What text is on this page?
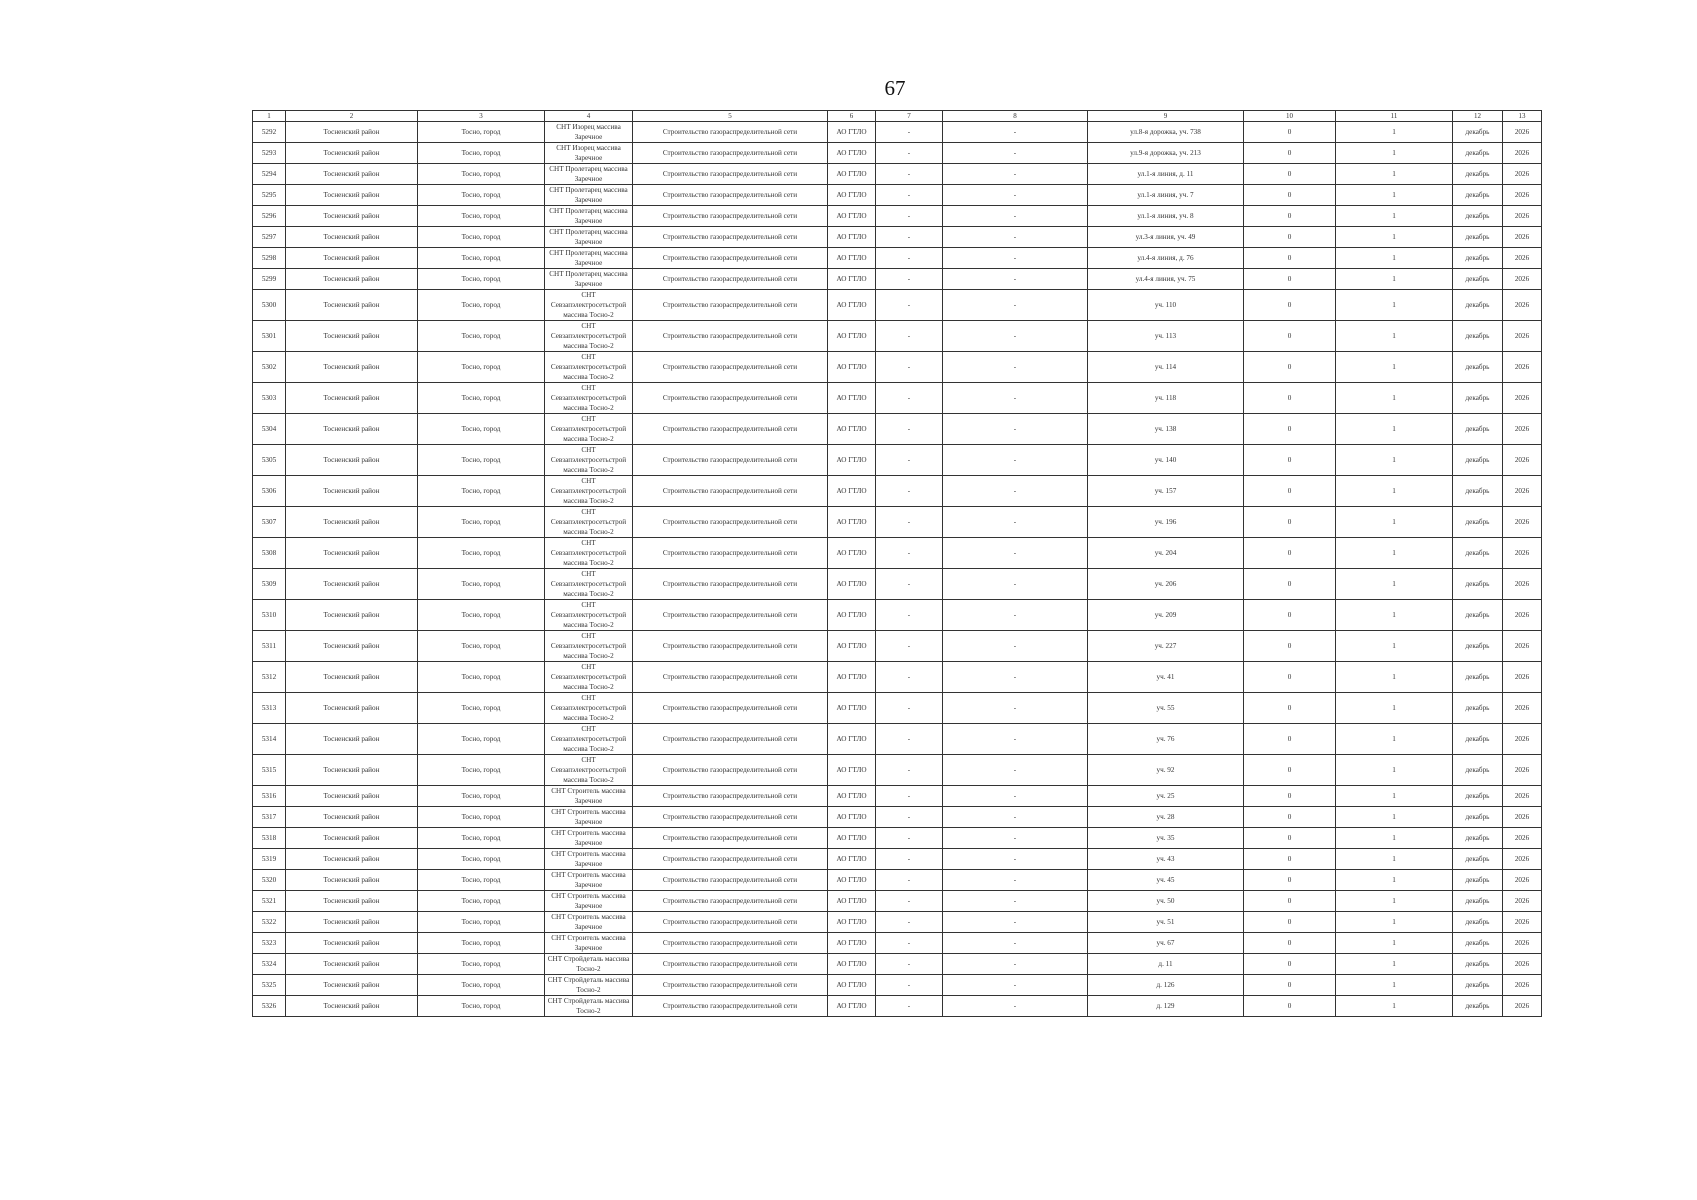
67
1	2	3	4	5	6	7	8	9	10	11	12	13
5292	Тосненский район	Тосно, город	СНТ Изорец массива Заречное	Строительство газораспределительной сети	АО ГТЛО	-	-	ул.8-я дорожка, уч. 738	0	1	декабрь	2026
5293	Тосненский район	Тосно, город	СНТ Изорец массива Заречное	Строительство газораспределительной сети	АО ГТЛО	-	-	ул.9-я дорожка, уч. 213	0	1	декабрь	2026
5294	Тосненский район	Тосно, город	СНТ Пролетарец массива Заречное	Строительство газораспределительной сети	АО ГТЛО	-	-	ул.1-я линия, д. 11	0	1	декабрь	2026
5295	Тосненский район	Тосно, город	СНТ Пролетарец массива Заречное	Строительство газораспределительной сети	АО ГТЛО	-	-	ул.1-я линия, уч. 7	0	1	декабрь	2026
5296	Тосненский район	Тосно, город	СНТ Пролетарец массива Заречное	Строительство газораспределительной сети	АО ГТЛО	-	-	ул.1-я линия, уч. 8	0	1	декабрь	2026
5297	Тосненский район	Тосно, город	СНТ Пролетарец массива Заречное	Строительство газораспределительной сети	АО ГТЛО	-	-	ул.3-я линия, уч. 49	0	1	декабрь	2026
5298	Тосненский район	Тосно, город	СНТ Пролетарец массива Заречное	Строительство газораспределительной сети	АО ГТЛО	-	-	ул.4-я линия, д. 76	0	1	декабрь	2026
5299	Тосненский район	Тосно, город	СНТ Пролетарец массива Заречное	Строительство газораспределительной сети	АО ГТЛО	-	-	ул.4-я линия, уч. 75	0	1	декабрь	2026
5300	Тосненский район	Тосно, город	СНТ Севзапэлектросетьстрой массива Тосно-2	Строительство газораспределительной сети	АО ГТЛО	-	-	уч. 110	0	1	декабрь	2026
5301	Тосненский район	Тосно, город	СНТ Севзапэлектросетьстрой массива Тосно-2	Строительство газораспределительной сети	АО ГТЛО	-	-	уч. 113	0	1	декабрь	2026
5302	Тосненский район	Тосно, город	СНТ Севзапэлектросетьстрой массива Тосно-2	Строительство газораспределительной сети	АО ГТЛО	-	-	уч. 114	0	1	декабрь	2026
5303	Тосненский район	Тосно, город	СНТ Севзапэлектросетьстрой массива Тосно-2	Строительство газораспределительной сети	АО ГТЛО	-	-	уч. 118	0	1	декабрь	2026
5304	Тосненский район	Тосно, город	СНТ Севзапэлектросетьстрой массива Тосно-2	Строительство газораспределительной сети	АО ГТЛО	-	-	уч. 138	0	1	декабрь	2026
5305	Тосненский район	Тосно, город	СНТ Севзапэлектросетьстрой массива Тосно-2	Строительство газораспределительной сети	АО ГТЛО	-	-	уч. 140	0	1	декабрь	2026
5306	Тосненский район	Тосно, город	СНТ Севзапэлектросетьстрой массива Тосно-2	Строительство газораспределительной сети	АО ГТЛО	-	-	уч. 157	0	1	декабрь	2026
5307	Тосненский район	Тосно, город	СНТ Севзапэлектросетьстрой массива Тосно-2	Строительство газораспределительной сети	АО ГТЛО	-	-	уч. 196	0	1	декабрь	2026
5308	Тосненский район	Тосно, город	СНТ Севзапэлектросетьстрой массива Тосно-2	Строительство газораспределительной сети	АО ГТЛО	-	-	уч. 204	0	1	декабрь	2026
5309	Тосненский район	Тосно, город	СНТ Севзапэлектросетьстрой массива Тосно-2	Строительство газораспределительной сети	АО ГТЛО	-	-	уч. 206	0	1	декабрь	2026
5310	Тосненский район	Тосно, город	СНТ Севзапэлектросетьстрой массива Тосно-2	Строительство газораспределительной сети	АО ГТЛО	-	-	уч. 209	0	1	декабрь	2026
5311	Тосненский район	Тосно, город	СНТ Севзапэлектросетьстрой массива Тосно-2	Строительство газораспределительной сети	АО ГТЛО	-	-	уч. 227	0	1	декабрь	2026
5312	Тосненский район	Тосно, город	СНТ Севзапэлектросетьстрой массива Тосно-2	Строительство газораспределительной сети	АО ГТЛО	-	-	уч. 41	0	1	декабрь	2026
5313	Тосненский район	Тосно, город	СНТ Севзапэлектросетьстрой массива Тосно-2	Строительство газораспределительной сети	АО ГТЛО	-	-	уч. 55	0	1	декабрь	2026
5314	Тосненский район	Тосно, город	СНТ Севзапэлектросетьстрой массива Тосно-2	Строительство газораспределительной сети	АО ГТЛО	-	-	уч. 76	0	1	декабрь	2026
5315	Тосненский район	Тосно, город	СНТ Севзапэлектросетьстрой массива Тосно-2	Строительство газораспределительной сети	АО ГТЛО	-	-	уч. 92	0	1	декабрь	2026
5316	Тосненский район	Тосно, город	СНТ Строитель массива Заречное	Строительство газораспределительной сети	АО ГТЛО	-	-	уч. 25	0	1	декабрь	2026
5317	Тосненский район	Тосно, город	СНТ Строитель массива Заречное	Строительство газораспределительной сети	АО ГТЛО	-	-	уч. 28	0	1	декабрь	2026
5318	Тосненский район	Тосно, город	СНТ Строитель массива Заречное	Строительство газораспределительной сети	АО ГТЛО	-	-	уч. 35	0	1	декабрь	2026
5319	Тосненский район	Тосно, город	СНТ Строитель массива Заречное	Строительство газораспределительной сети	АО ГТЛО	-	-	уч. 43	0	1	декабрь	2026
5320	Тосненский район	Тосно, город	СНТ Строитель массива Заречное	Строительство газораспределительной сети	АО ГТЛО	-	-	уч. 45	0	1	декабрь	2026
5321	Тосненский район	Тосно, город	СНТ Строитель массива Заречное	Строительство газораспределительной сети	АО ГТЛО	-	-	уч. 50	0	1	декабрь	2026
5322	Тосненский район	Тосно, город	СНТ Строитель массива Заречное	Строительство газораспределительной сети	АО ГТЛО	-	-	уч. 51	0	1	декабрь	2026
5323	Тосненский район	Тосно, город	СНТ Строитель массива Заречное	Строительство газораспределительной сети	АО ГТЛО	-	-	уч. 67	0	1	декабрь	2026
5324	Тосненский район	Тосно, город	СНТ Стройдеталь массива Тосно-2	Строительство газораспределительной сети	АО ГТЛО	-	-	д. 11	0	1	декабрь	2026
5325	Тосненский район	Тосно, город	СНТ Стройдеталь массива Тосно-2	Строительство газораспределительной сети	АО ГТЛО	-	-	д. 126	0	1	декабрь	2026
5326	Тосненский район	Тосно, город	СНТ Стройдеталь массива Тосно-2	Строительство газораспределительной сети	АО ГТЛО	-	-	д. 129	0	1	декабрь	2026
